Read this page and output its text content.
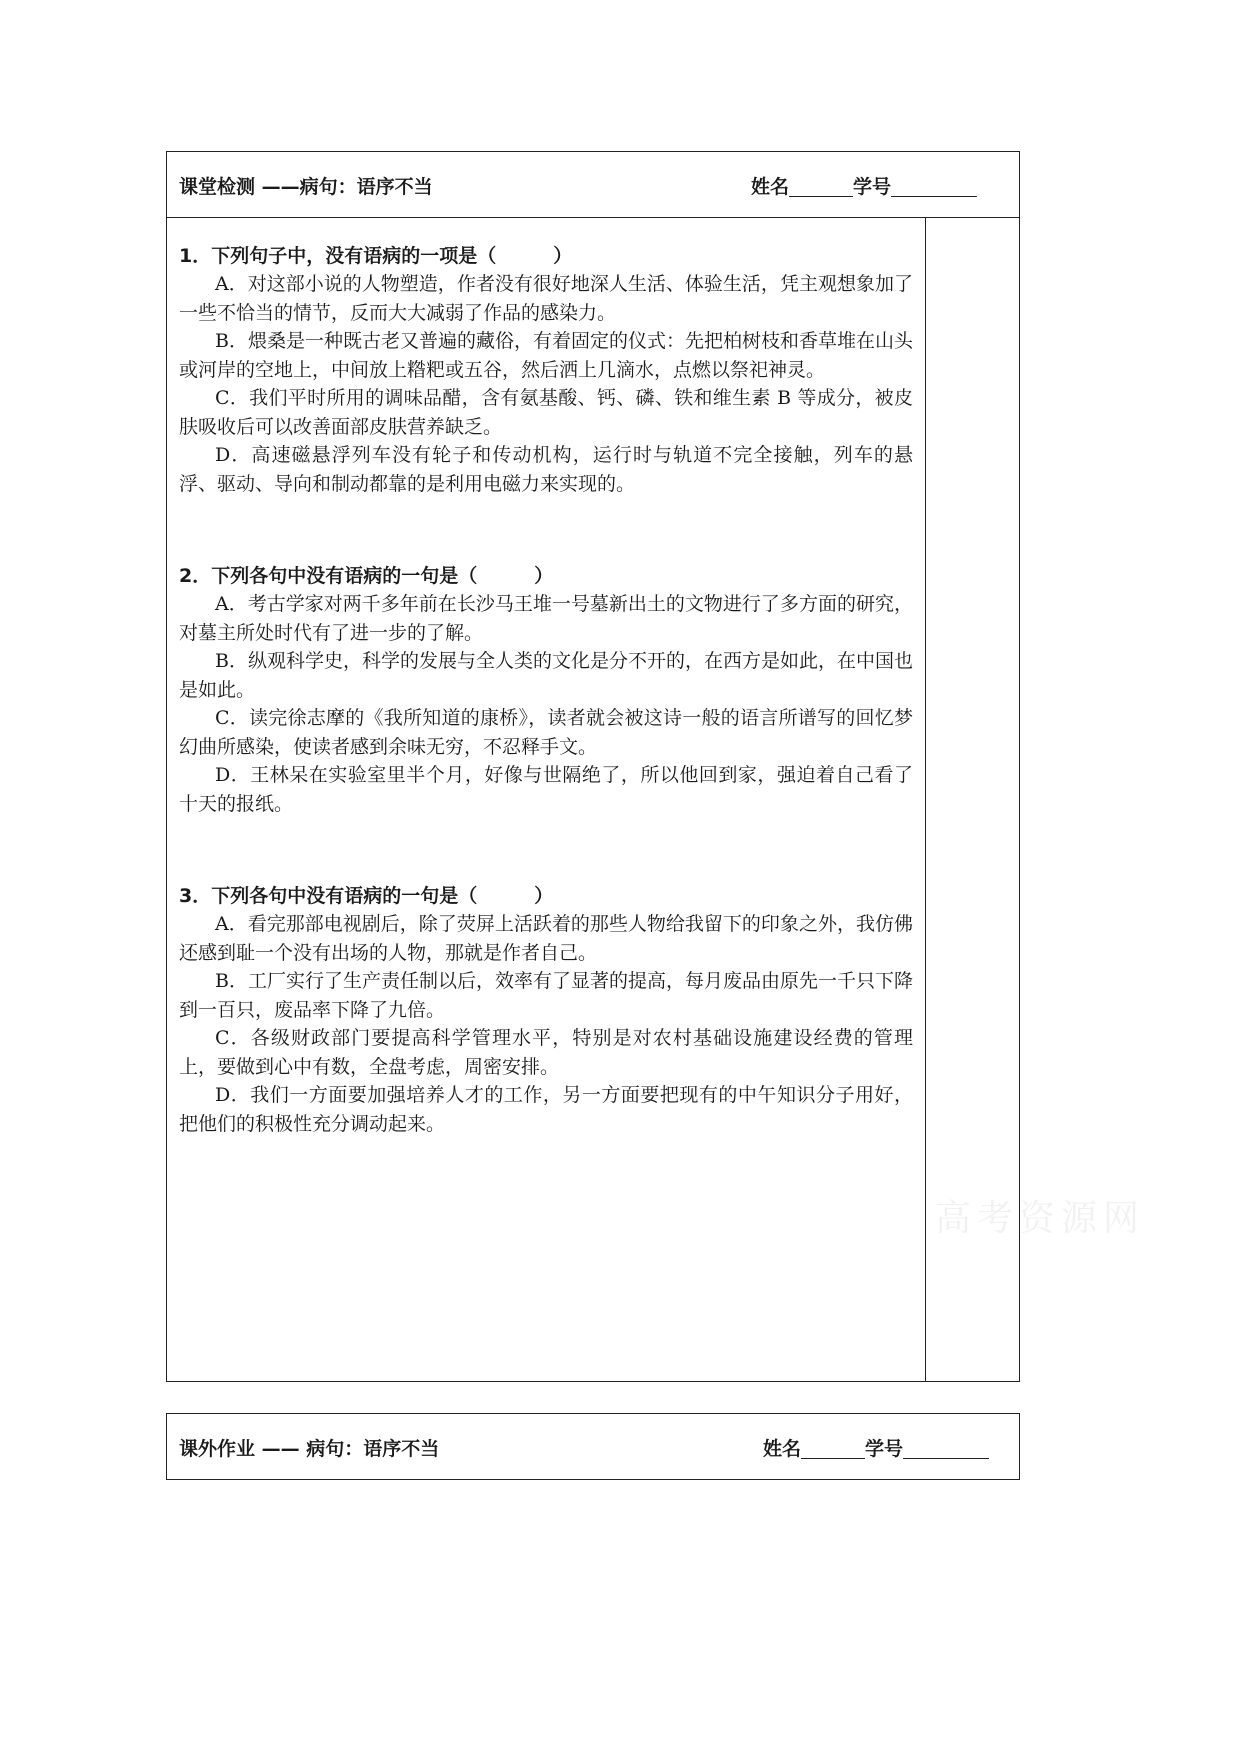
课堂检测 ——病句：语序不当	姓名	学号

1．下列句子中，没有语病的一项是（　　　）

A．对这部小说的人物塑造，作者没有很好地深人生活、体验生活，凭主观想象加了一些不恰当的情节，反而大大减弱了作品的感染力。

B．煨桑是一种既古老又普遍的藏俗，有着固定的仪式：先把柏树枝和香草堆在山头或河岸的空地上，中间放上糌粑或五谷，然后洒上几滴水，点燃以祭祀神灵。

C．我们平时所用的调味品醋，含有氨基酸、钙、磷、铁和维生素 B 等成分，被皮肤吸收后可以改善面部皮肤营养缺乏。

D．高速磁悬浮列车没有轮子和传动机构，运行时与轨道不完全接触，列车的悬浮、驱动、导向和制动都靠的是利用电磁力来实现的。

2．下列各句中没有语病的一句是（　　　）

A．考古学家对两千多年前在长沙马王堆一号墓新出土的文物进行了多方面的研究，对墓主所处时代有了进一步的了解。

B．纵观科学史，科学的发展与全人类的文化是分不开的，在西方是如此，在中国也是如此。

C．读完徐志摩的《我所知道的康桥》，读者就会被这诗一般的语言所谱写的回忆梦幻曲所感染，使读者感到余味无穷，不忍释手文。

D．王林呆在实验室里半个月，好像与世隔绝了，所以他回到家，强迫着自己看了十天的报纸。

3．下列各句中没有语病的一句是（　　　）

A．看完那部电视剧后，除了荧屏上活跃着的那些人物给我留下的印象之外，我仿佛还感到耻一个没有出场的人物，那就是作者自己。

B．工厂实行了生产责任制以后，效率有了显著的提高，每月废品由原先一千只下降到一百只，废品率下降了九倍。

C．各级财政部门要提高科学管理水平，特别是对农村基础设施建设经费的管理上，要做到心中有数，全盘考虑，周密安排。

D．我们一方面要加强培养人才的工作，另一方面要把现有的中午知识分子用好，把他们的积极性充分调动起来。

高考资源网
课外作业 —— 病句：语序不当	姓名	学号
